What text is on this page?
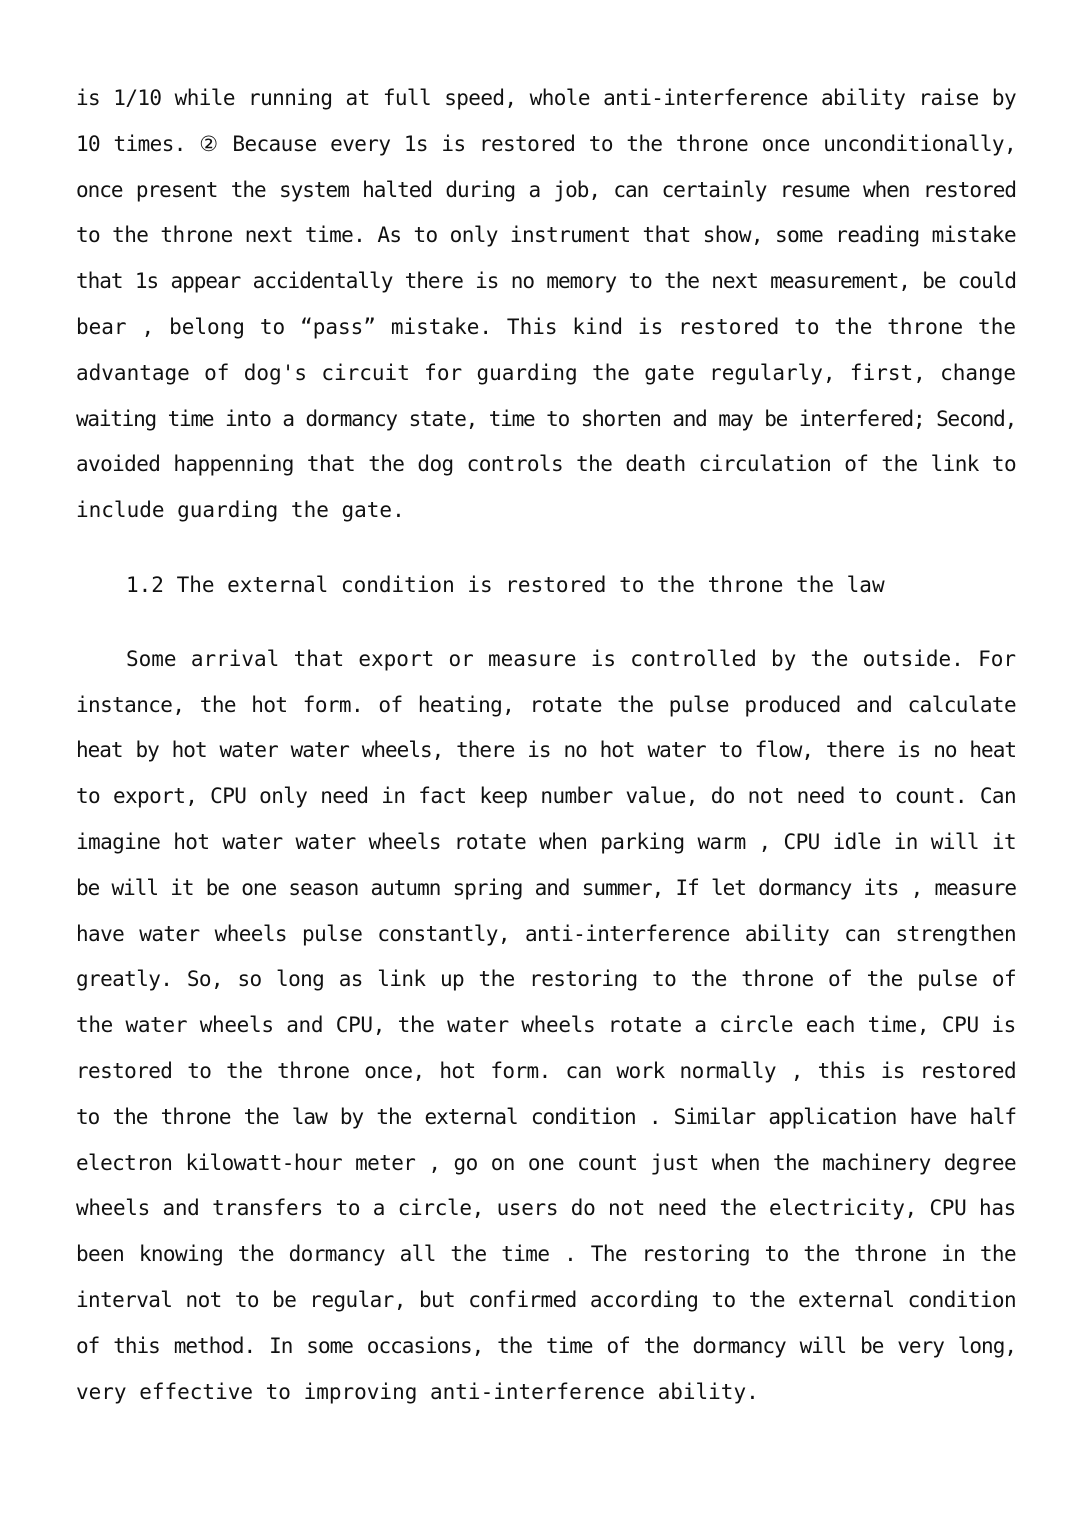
is 1/10 while running at full speed, whole anti-interference ability raise by
10 times. ② Because every 1s is restored to the throne once unconditionally,
once present the system halted during a job, can certainly resume when restored
to the throne next time. As to only instrument that show, some reading mistake
that 1s appear accidentally there is no memory to the next measurement, be could
bear , belong to “pass” mistake. This kind is restored to the throne the
advantage of dog's circuit for guarding the gate regularly, first, change
waiting time into a dormancy state, time to shorten and may be interfered; Second,
avoided happenning that the dog controls the death circulation of the link to
include guarding the gate.
1.2 The external condition is restored to the throne the law
Some arrival that export or measure is controlled by the outside. For
instance, the hot form. of heating, rotate the pulse produced and calculate
heat by hot water water wheels, there is no hot water to flow, there is no heat
to export, CPU only need in fact keep number value, do not need to count. Can
imagine hot water water wheels rotate when parking warm , CPU idle in will it
be will it be one season autumn spring and summer, If let dormancy its , measure
have water wheels pulse constantly, anti-interference ability can strengthen
greatly. So, so long as link up the restoring to the throne of the pulse of
the water wheels and CPU, the water wheels rotate a circle each time, CPU is
restored to the throne once, hot form. can work normally , this is restored
to the throne the law by the external condition . Similar application have half
electron kilowatt-hour meter , go on one count just when the machinery degree
wheels and transfers to a circle, users do not need the electricity, CPU has
been knowing the dormancy all the time . The restoring to the throne in the
interval not to be regular, but confirmed according to the external condition
of this method. In some occasions, the time of the dormancy will be very long,
very effective to improving anti-interference ability.
